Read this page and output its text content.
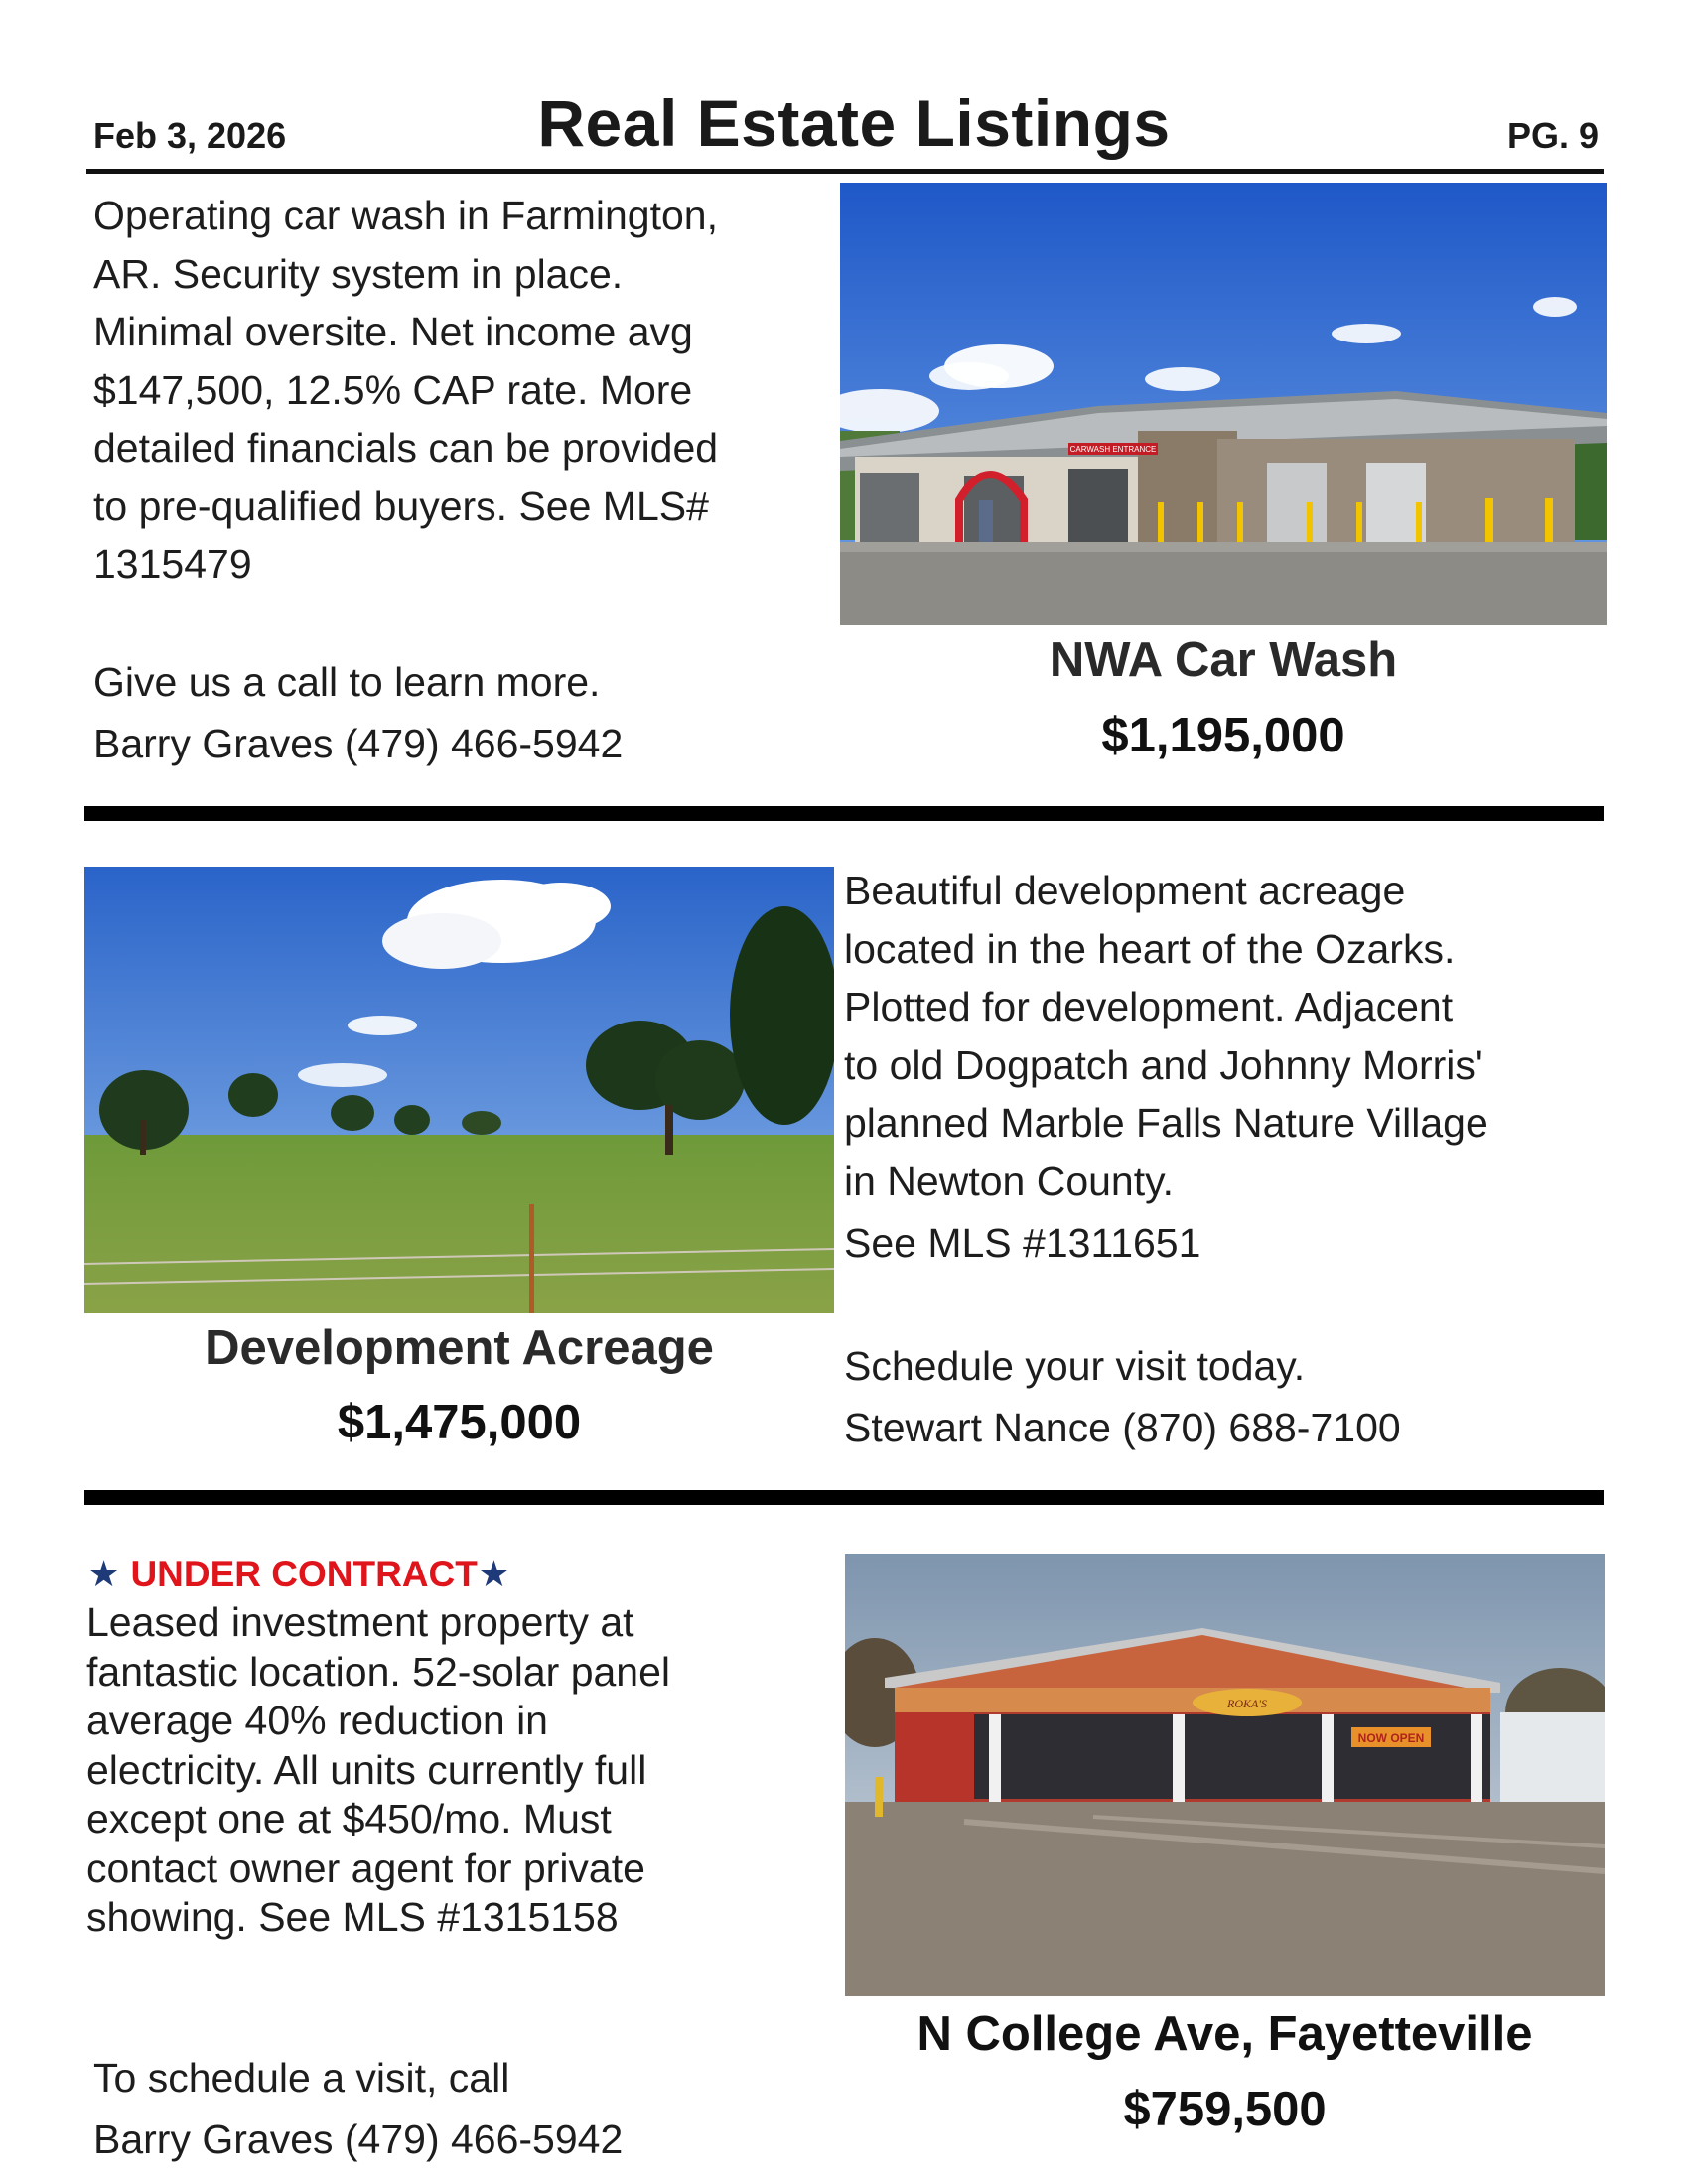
Feb 3, 2026	Real Estate Listings	PG. 9

Operating car wash in Farmington,

AR. Security system in place.

Minimal oversite. Net income avg

$147,500, 12.5% CAP rate. More

detailed financials can be provided

to pre-qualified buyers. See MLS#

1315479

Give us a call to learn more.
Barry Graves (479) 466-5942
CARWASH ENTRANCE
NWA Car Wash
$1,195,000
Development Acreage
$1,475,000

Beautiful development acreage

located in the heart of the Ozarks.

Plotted for development. Adjacent

to old Dogpatch and Johnny Morris'

planned Marble Falls Nature Village

in Newton County.

See MLS #1311651

Schedule your visit today.
Stewart Nance (870) 688-7100
★ UNDER CONTRACT★

Leased investment property at

fantastic location. 52-solar panel

average 40% reduction in

electricity. All units currently full

except one at $450/mo. Must

contact owner agent for private

showing. See MLS #1315158

To schedule a visit, call
Barry Graves (479) 466-5942
ROKA'S
NOW OPEN
N College Ave, Fayetteville
$759,500
